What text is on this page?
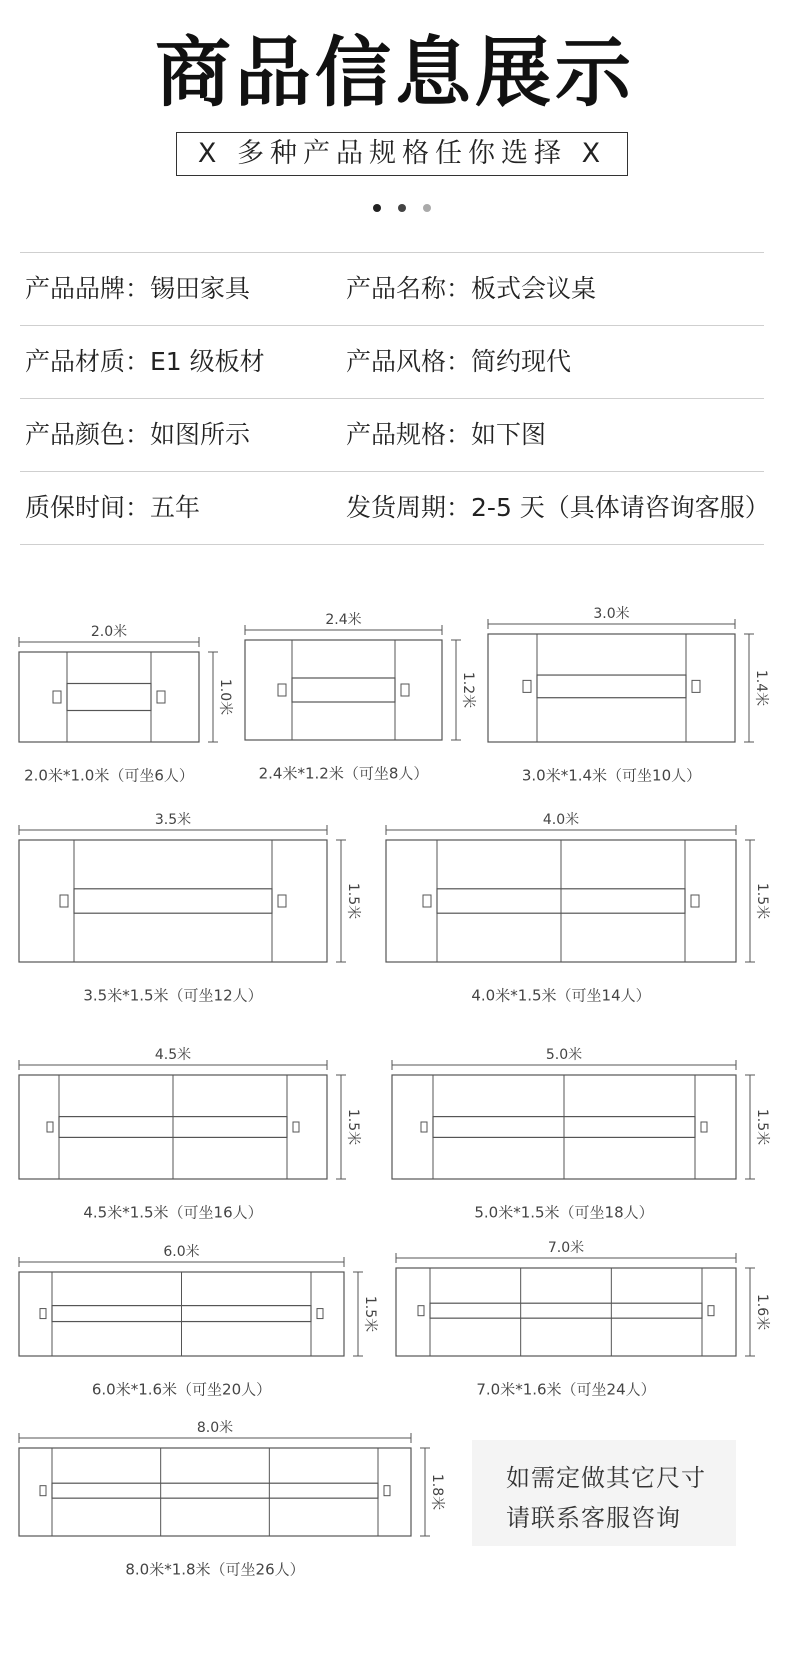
商品信息展示
X 多种产品规格任你选择 X
产品品牌：锡田家具	产品名称：板式会议桌
产品材质：E1 级板材	产品风格：简约现代
产品颜色：如图所示	产品规格：如下图
质保时间：五年	发货周期：2-5 天（具体请咨询客服）
2.0米
1.0米
2.0米*1.0米（可坐6人）
2.4米
1.2米
2.4米*1.2米（可坐8人）
3.0米
1.4米
3.0米*1.4米（可坐10人）
3.5米
1.5米
3.5米*1.5米（可坐12人）
4.0米
1.5米
4.0米*1.5米（可坐14人）
4.5米
1.5米
4.5米*1.5米（可坐16人）
5.0米
1.5米
5.0米*1.5米（可坐18人）
6.0米
1.5米
6.0米*1.6米（可坐20人）
7.0米
1.6米
7.0米*1.6米（可坐24人）
8.0米
1.8米
8.0米*1.8米（可坐26人）
如需定做其它尺寸
请联系客服咨询
